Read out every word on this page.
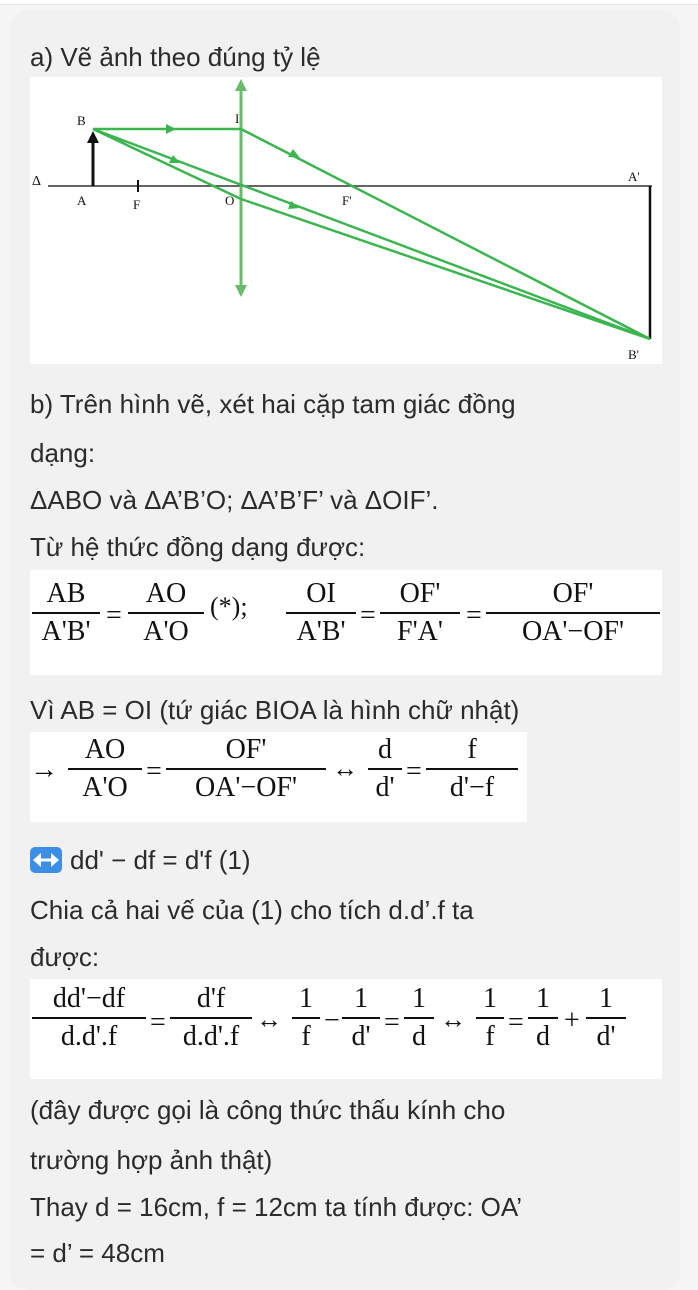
a) Vẽ ảnh theo đúng tỷ lệ
B	I
Δ
A	F	O	F'
A'
B'
b) Trên hình vẽ, xét hai cặp tam giác đồng
dạng:
ΔABO và ΔA’B’O; ΔA’B’F’ và ΔOIF’.
Từ hệ thức đồng dạng được:
AB
A'B'
=
AO
A'O
(*);	OI
A'B'
=
OF'
F'A'
=
OF'
OA'−OF'
Vì AB = OI (tứ giác BIOA là hình chữ nhật)
→
AO
A'O
=
OF'
OA'−OF'
↔
d
d'
=
f
d'−f
dd' − df = d'f (1)
Chia cả hai vế của (1) cho tích d.d’.f ta
được:
dd'−df
d.d'.f	=
d'f
d.d'.f
↔
1
f
−
1
d' =
1
d
↔
1
f =
1
d
+
1
d'
(đây được gọi là công thức thấu kính cho
trường hợp ảnh thật)
Thay d = 16cm, f = 12cm ta tính được: OA’
= d’ = 48cm
